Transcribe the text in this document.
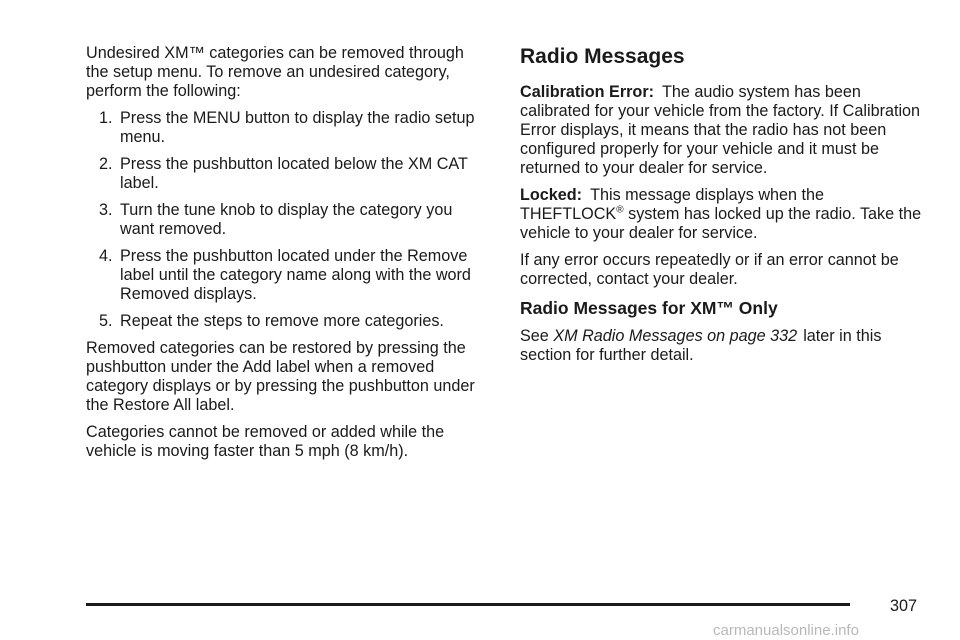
Undesired XM™ categories can be removed through the setup menu. To remove an undesired category, perform the following:

1. Press the MENU button to display the radio setup menu.
2. Press the pushbutton located below the XM CAT label.
3. Turn the tune knob to display the category you want removed.
4. Press the pushbutton located under the Remove label until the category name along with the word Removed displays.
5. Repeat the steps to remove more categories.

Removed categories can be restored by pressing the pushbutton under the Add label when a removed category displays or by pressing the pushbutton under the Restore All label.

Categories cannot be removed or added while the vehicle is moving faster than 5 mph (8 km/h).

Radio Messages

Calibration Error: The audio system has been calibrated for your vehicle from the factory. If Calibration Error displays, it means that the radio has not been configured properly for your vehicle and it must be returned to your dealer for service.

Locked: This message displays when the THEFTLOCK® system has locked up the radio. Take the vehicle to your dealer for service.

If any error occurs repeatedly or if an error cannot be corrected, contact your dealer.

Radio Messages for XM™ Only

See XM Radio Messages on page 332 later in this section for further detail.

307
carmanualsonline.info
